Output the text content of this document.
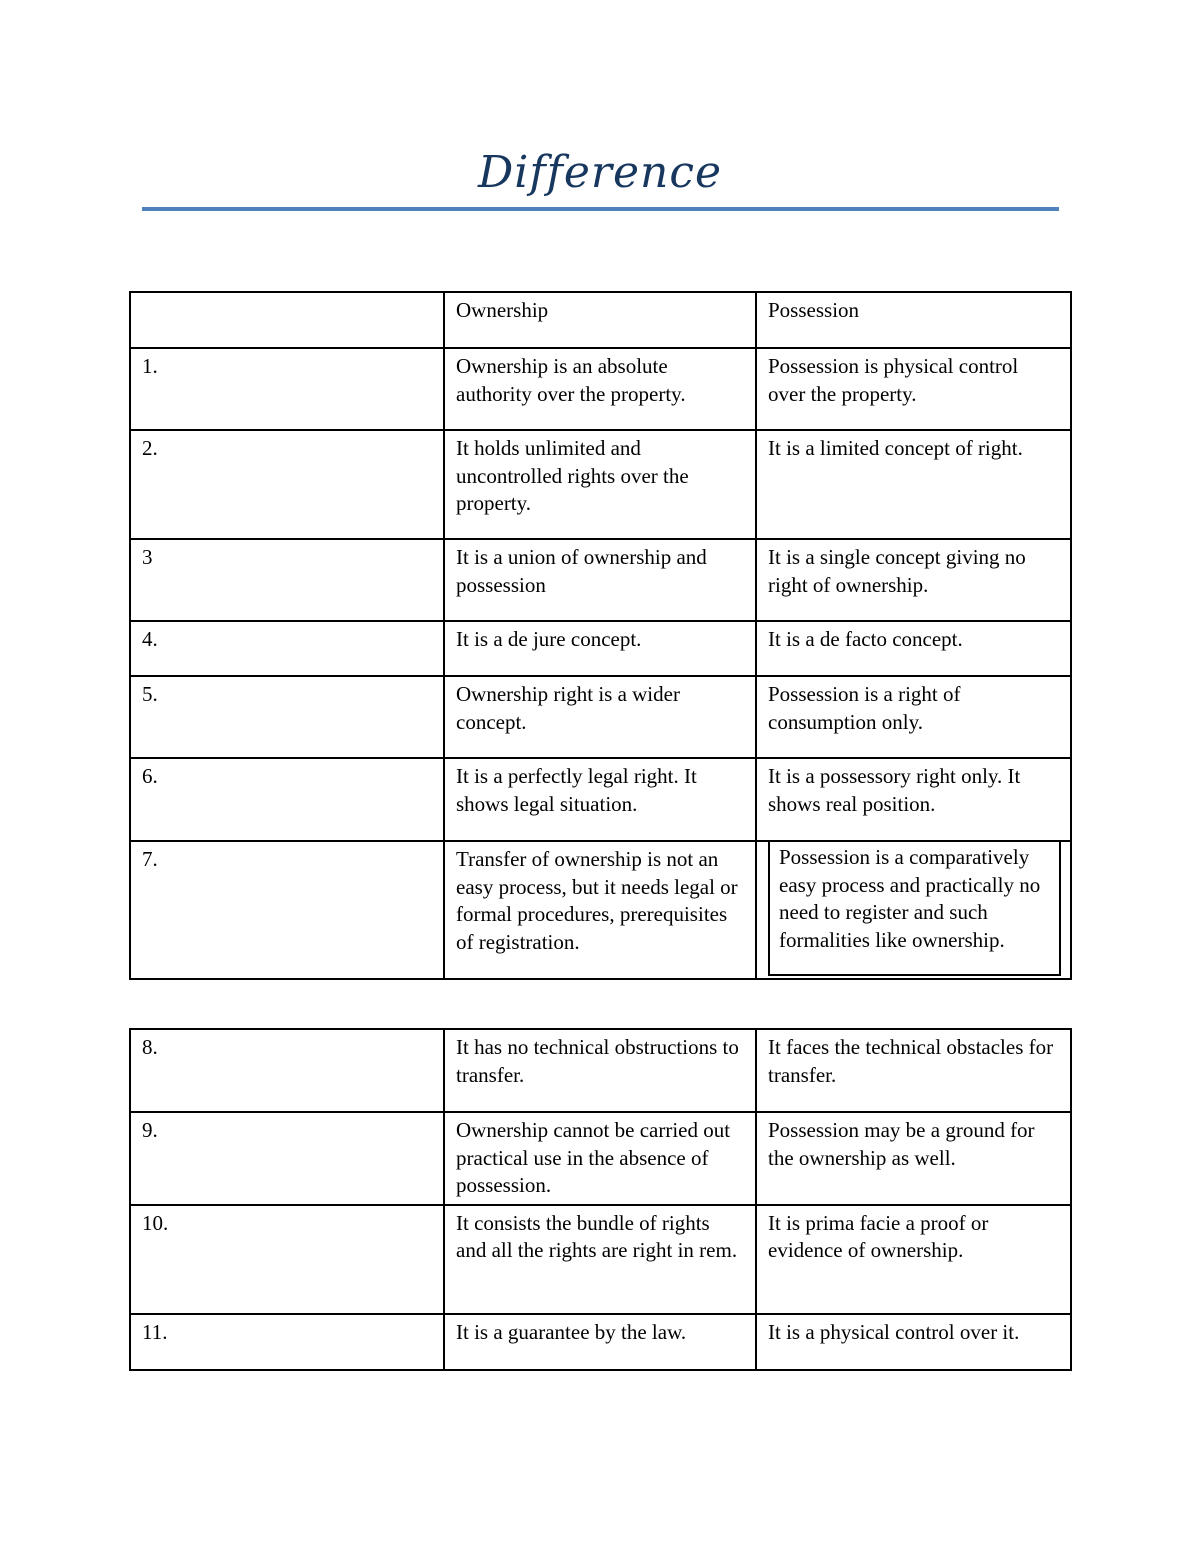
Difference
	Ownership	Possession
1.	Ownership is an absolute authority over the property.	Possession is physical control over the property.
2.	It holds unlimited and uncontrolled rights over the property.	It is a limited concept of right.
3	It is a union of ownership and possession	It is a single concept giving no right of ownership.
4.	It is a de jure concept.	It is a de facto concept.
5.	Ownership right is a wider concept.	Possession is a right of consumption only.
6.	It is a perfectly legal right. It shows legal situation.	It is a possessory right only. It shows real position.
7.	Transfer of ownership is not an easy process, but it needs legal or formal procedures, prerequisites of registration.	Possession is a comparatively easy process and practically no need to register and such formalities like ownership.
8.	It has no technical obstructions to transfer.	It faces the technical obstacles for transfer.
9.	Ownership cannot be carried out practical use in the absence of possession.	Possession may be a ground for the ownership as well.
10.	It consists the bundle of rights and all the rights are right in rem.	It is prima facie a proof or evidence of ownership.
11.	It is a guarantee by the law.	It is a physical control over it.
